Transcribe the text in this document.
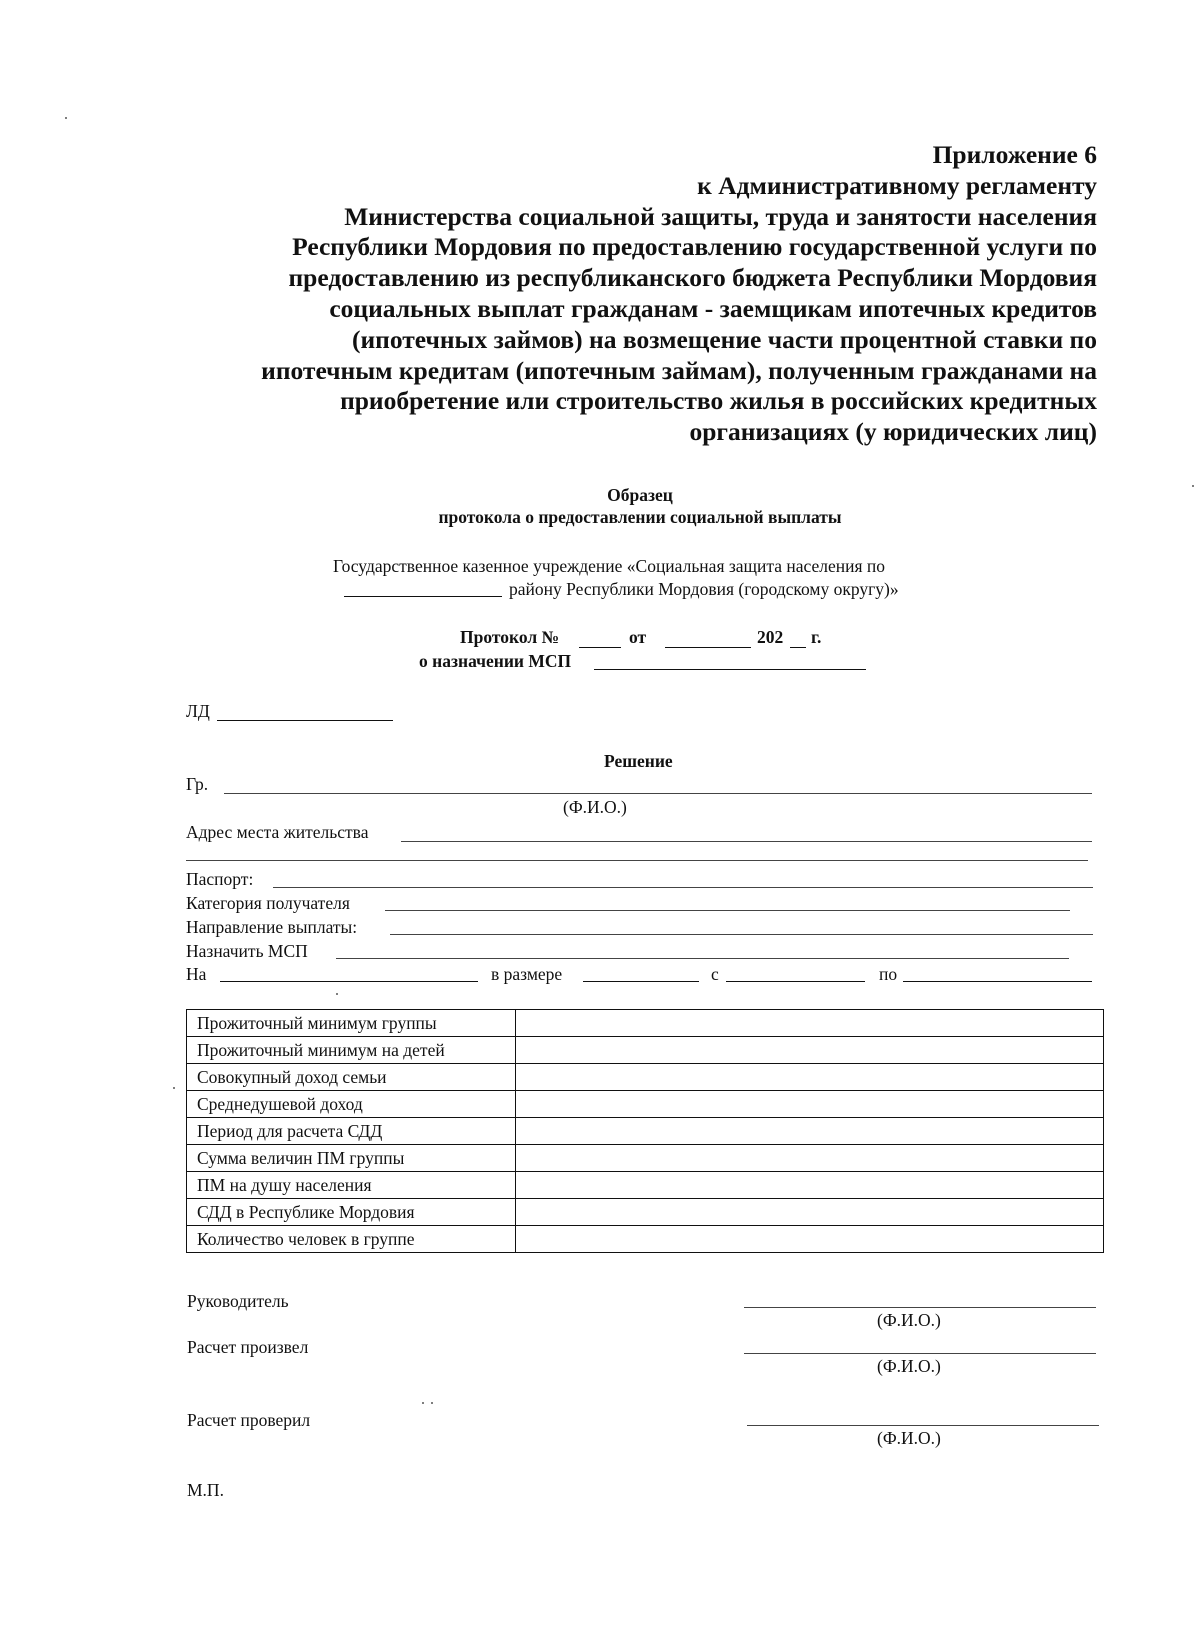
Приложение 6
к Административному регламенту
Министерства социальной защиты, труда и занятости населения
Республики Мордовия по предоставлению государственной услуги по
предоставлению из республиканского бюджета Республики Мордовия
социальных выплат гражданам - заемщикам ипотечных кредитов
(ипотечных займов) на возмещение части процентной ставки по
ипотечным кредитам (ипотечным займам), полученным гражданами на
приобретение или строительство жилья в российских кредитных
организациях (у юридических лиц)
Образец
протокола о предоставлении социальной выплаты
Государственное казенное учреждение «Социальная защита населения по
району Республики Мордовия (городскому округу)»
Протокол №	от	202 г.
о назначении МСП
ЛД
Решение
Гр.
(Ф.И.О.)
Адрес места жительства
Паспорт:
Категория получателя
Направление выплаты:
Назначить МСП
На	в размере	с	по
Прожиточный минимум группы	
Прожиточный минимум на детей	
Совокупный доход семьи	
Среднедушевой доход	
Период для расчета СДД	
Сумма величин ПМ группы	
ПМ на душу населения	
СДД в Республике Мордовия	
Количество человек в группе	
Руководитель
(Ф.И.О.)
Расчет произвел
(Ф.И.О.)
Расчет проверил
(Ф.И.О.)
М.П.
